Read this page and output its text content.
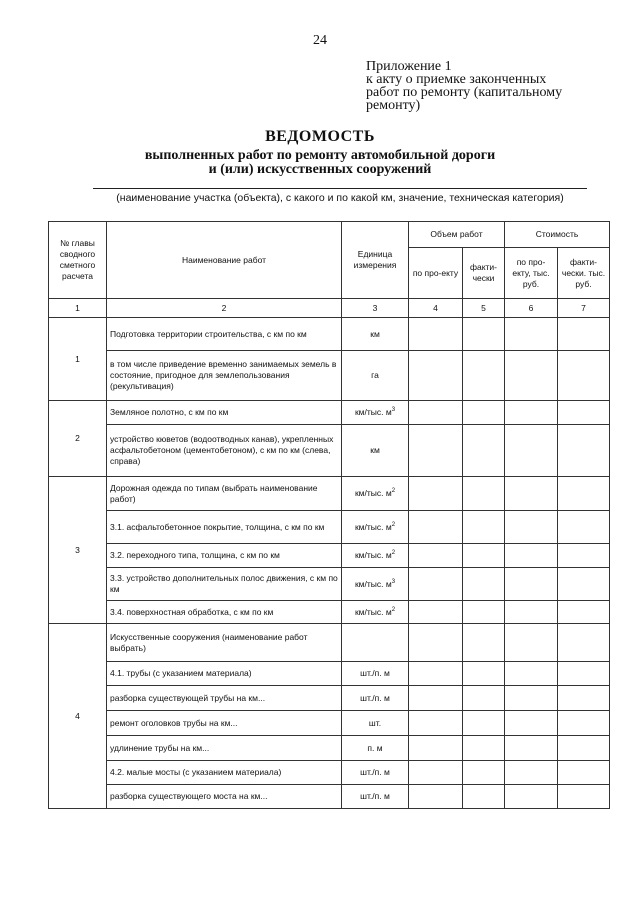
24
Приложение 1
к акту о приемке законченных
работ по ремонту (капитальному
ремонту)
ВЕДОМОСТЬ
выполненных работ по ремонту автомобильной дороги
и (или) искусственных сооружений
(наименование участка (объекта), с какого и по какой км, значение, техническая категория)
№ главы сводного сметного расчета	Наименование работ	Единица измерения	Объем работ		Стоимость	
			по про-екту	факти-чески	по про-екту, тыс. руб.	факти-чески. тыс. руб.
1	2	3	4	5	6	7
1	Подготовка территории строительства, с км по км	км				
	в том числе приведение временно занимаемых земель в состояние, пригодное для землепользования (рекультивация)	га				
2	Земляное полотно, с км по км	км/тыс. $м^3$				
	устройство кюветов (водоотводных канав), укрепленных асфальтобетоном (цементобетоном), с км по км (слева, справа)	км				
3	Дорожная одежда по типам (выбрать наименование работ)	км/тыс. $м^2$				
	3.1. асфальтобетонное покрытие, толщина, с км по км	км/тыс. $м^2$				
	3.2. переходного типа, толщина, с км по км	км/тыс. $м^2$				
	3.3. устройство дополнительных полос движения, с км по км	км/тыс. $м^3$				
	3.4. поверхностная обработка, с км по км	км/тыс. $м^2$				
4	Искусственные сооружения (наименование работ выбрать)					
	4.1. трубы (с указанием материала)	шт./п. м				
	разборка существующей трубы на км...	шт./п. м				
	ремонт оголовков трубы на км...	шт.				
	удлинение трубы на км...	п. м				
	4.2. малые мосты (с указанием материала)	шт./п. м				
	разборка существующего моста на км...	шт./п. м				
